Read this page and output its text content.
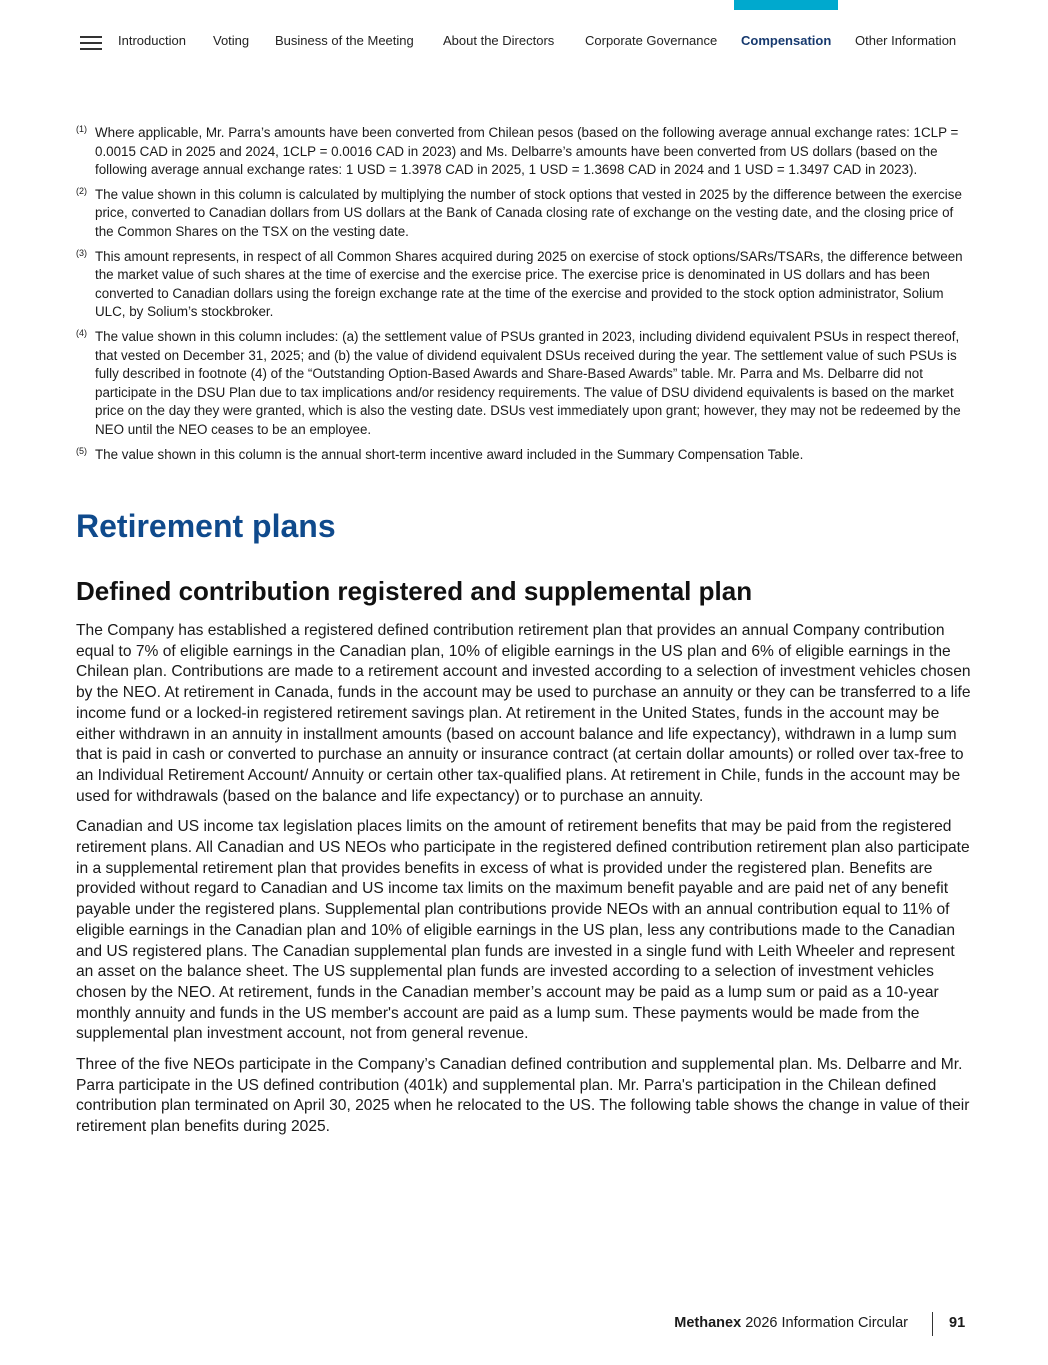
Introduction Voting Business of the Meeting About the Directors Corporate Governance Compensation Other Information
(1) Where applicable, Mr. Parra’s amounts have been converted from Chilean pesos (based on the following average annual exchange rates: 1CLP = 0.0015 CAD in 2025 and 2024, 1CLP = 0.0016 CAD in 2023) and Ms. Delbarre’s amounts have been converted from US dollars (based on the following average annual exchange rates: 1 USD = 1.3978 CAD in 2025, 1 USD = 1.3698 CAD in 2024 and 1 USD = 1.3497 CAD in 2023).
(2) The value shown in this column is calculated by multiplying the number of stock options that vested in 2025 by the difference between the exercise price, converted to Canadian dollars from US dollars at the Bank of Canada closing rate of exchange on the vesting date, and the closing price of the Common Shares on the TSX on the vesting date.
(3) This amount represents, in respect of all Common Shares acquired during 2025 on exercise of stock options/SARs/TSARs, the difference between the market value of such shares at the time of exercise and the exercise price. The exercise price is denominated in US dollars and has been converted to Canadian dollars using the foreign exchange rate at the time of the exercise and provided to the stock option administrator, Solium ULC, by Solium’s stockbroker.
(4) The value shown in this column includes: (a) the settlement value of PSUs granted in 2023, including dividend equivalent PSUs in respect thereof, that vested on December 31, 2025; and (b) the value of dividend equivalent DSUs received during the year. The settlement value of such PSUs is fully described in footnote (4) of the “Outstanding Option-Based Awards and Share-Based Awards” table. Mr. Parra and Ms. Delbarre did not participate in the DSU Plan due to tax implications and/or residency requirements. The value of DSU dividend equivalents is based on the market price on the day they were granted, which is also the vesting date. DSUs vest immediately upon grant; however, they may not be redeemed by the NEO until the NEO ceases to be an employee.
(5) The value shown in this column is the annual short-term incentive award included in the Summary Compensation Table.
Retirement plans
Defined contribution registered and supplemental plan

The Company has established a registered defined contribution retirement plan that provides an annual Company contribution equal to 7% of eligible earnings in the Canadian plan, 10% of eligible earnings in the US plan and 6% of eligible earnings in the Chilean plan. Contributions are made to a retirement account and invested according to a selection of investment vehicles chosen by the NEO. At retirement in Canada, funds in the account may be used to purchase an annuity or they can be transferred to a life income fund or a locked-in registered retirement savings plan. At retirement in the United States, funds in the account may be either withdrawn in an annuity in installment amounts (based on account balance and life expectancy), withdrawn in a lump sum that is paid in cash or converted to purchase an annuity or insurance contract (at certain dollar amounts) or rolled over tax-free to an Individual Retirement Account/ Annuity or certain other tax-qualified plans. At retirement in Chile, funds in the account may be used for withdrawals (based on the balance and life expectancy) or to purchase an annuity.

Canadian and US income tax legislation places limits on the amount of retirement benefits that may be paid from the registered retirement plans. All Canadian and US NEOs who participate in the registered defined contribution retirement plan also participate in a supplemental retirement plan that provides benefits in excess of what is provided under the registered plan. Benefits are provided without regard to Canadian and US income tax limits on the maximum benefit payable and are paid net of any benefit payable under the registered plans. Supplemental plan contributions provide NEOs with an annual contribution equal to 11% of eligible earnings in the Canadian plan and 10% of eligible earnings in the US plan, less any contributions made to the Canadian and US registered plans. The Canadian supplemental plan funds are invested in a single fund with Leith Wheeler and represent an asset on the balance sheet. The US supplemental plan funds are invested according to a selection of investment vehicles chosen by the NEO. At retirement, funds in the Canadian member’s account may be paid as a lump sum or paid as a 10-year monthly annuity and funds in the US member's account are paid as a lump sum. These payments would be made from the supplemental plan investment account, not from general revenue.

Three of the five NEOs participate in the Company’s Canadian defined contribution and supplemental plan. Ms. Delbarre and Mr. Parra participate in the US defined contribution (401k) and supplemental plan. Mr. Parra's participation in the Chilean defined contribution plan terminated on April 30, 2025 when he relocated to the US. The following table shows the change in value of their retirement plan benefits during 2025.

Methanex 2026 Information Circular	91
